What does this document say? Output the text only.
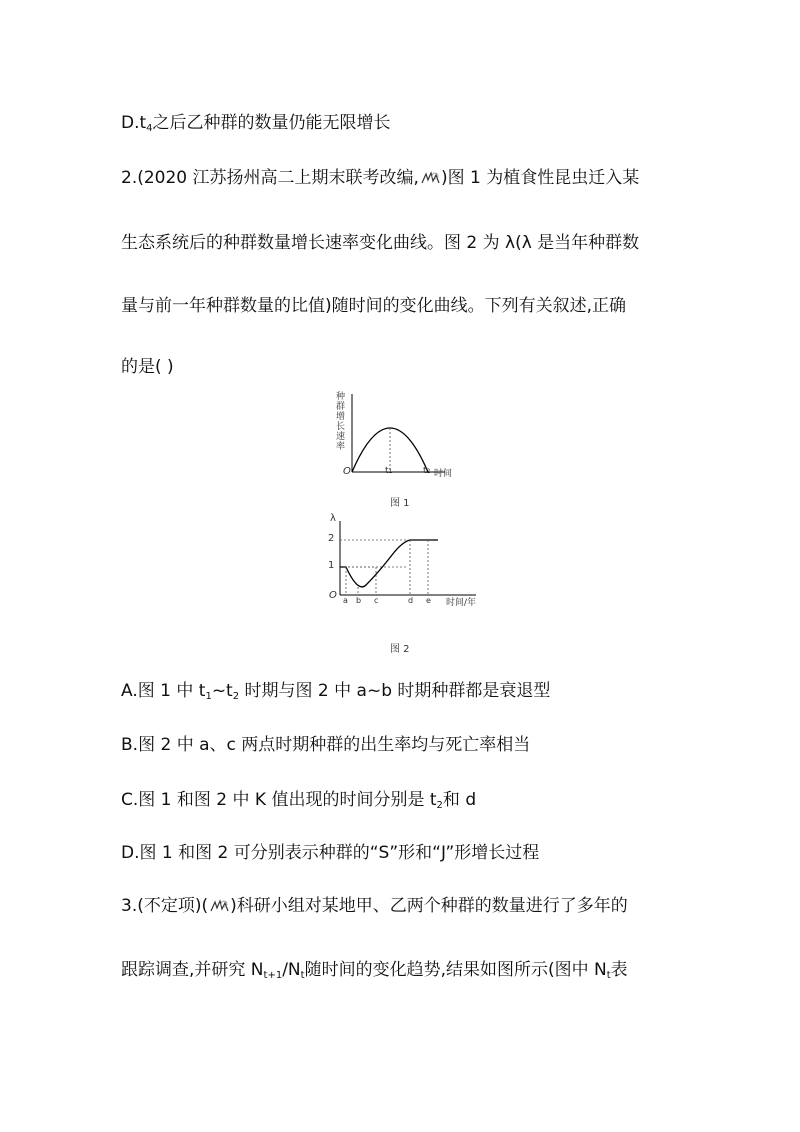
$D.t_4$之后乙种群的数量仍能无限增长
2.(2020 江苏扬州高二上期末联考改编, )图 1 为植食性昆虫迁入某
生态系统后的种群数量增长速率变化曲线。图 2 为 λ(λ 是当年种群数
量与前一年种群数量的比值)随时间的变化曲线。下列有关叙述,正确
的是( )
种
群
增
长
速
率
O	t1	t2 时间
图 1
λ
2
1
O a b c	d e 时间/年
图 2
A.图 1 中 $t_1\sim t_2$ 时期与图 2 中 a~b 时期种群都是衰退型
B.图 2 中 a、c 两点时期种群的出生率均与死亡率相当
C.图 1 和图 2 中 K 值出现的时间分别是 $t_2$和 d
D.图 1 和图 2 可分别表示种群的“S”形和“J”形增长过程
3.(不定项)( )科研小组对某地甲、乙两个种群的数量进行了多年的
跟踪调查,并研究 $N_{t+1}/N_t$随时间的变化趋势,结果如图所示(图中 $N_t$表
